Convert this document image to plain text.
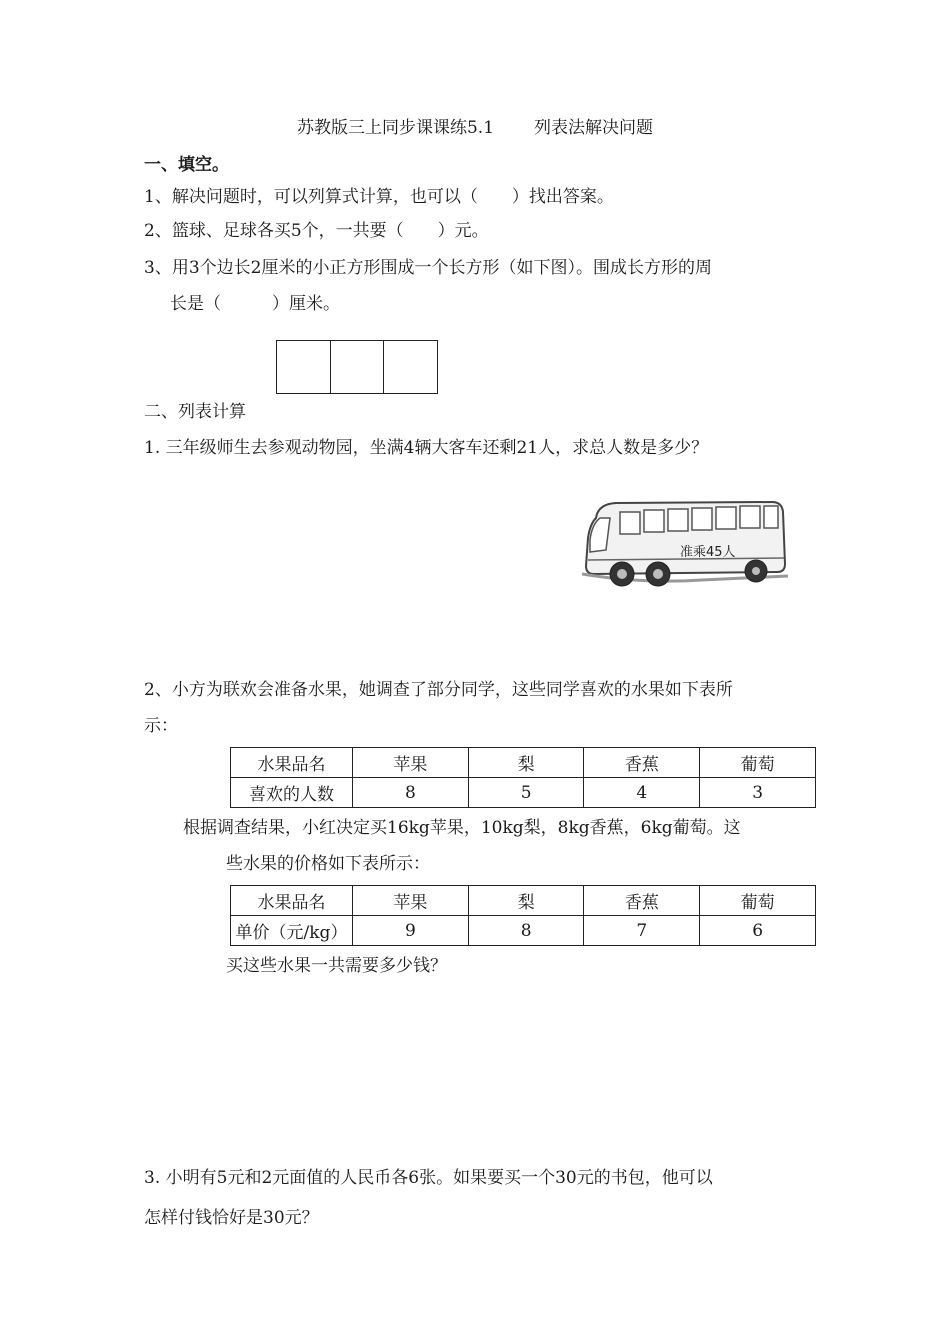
苏教版三上同步课课练5.1 列表法解决问题
一、填空。
1、解决问题时，可以列算式计算，也可以（　　）找出答案。
2、篮球、足球各买5个，一共要（　　）元。
3、用3个边长2厘米的小正方形围成一个长方形（如下图）。围成长方形的周
长是（　　　）厘米。
二、列表计算
1. 三年级师生去参观动物园，坐满4辆大客车还剩21人，求总人数是多少？
准乘45人
2、小方为联欢会准备水果，她调查了部分同学，这些同学喜欢的水果如下表所
示：
水果品名	苹果	梨	香蕉	葡萄
喜欢的人数	8	5	4	3
根据调查结果，小红决定买16kg苹果，10kg梨，8kg香蕉，6kg葡萄。这
些水果的价格如下表所示：
水果品名	苹果	梨	香蕉	葡萄
单价（元/kg）	9	8	7	6
买这些水果一共需要多少钱？
3. 小明有5元和2元面值的人民币各6张。如果要买一个30元的书包，他可以
怎样付钱恰好是30元？
